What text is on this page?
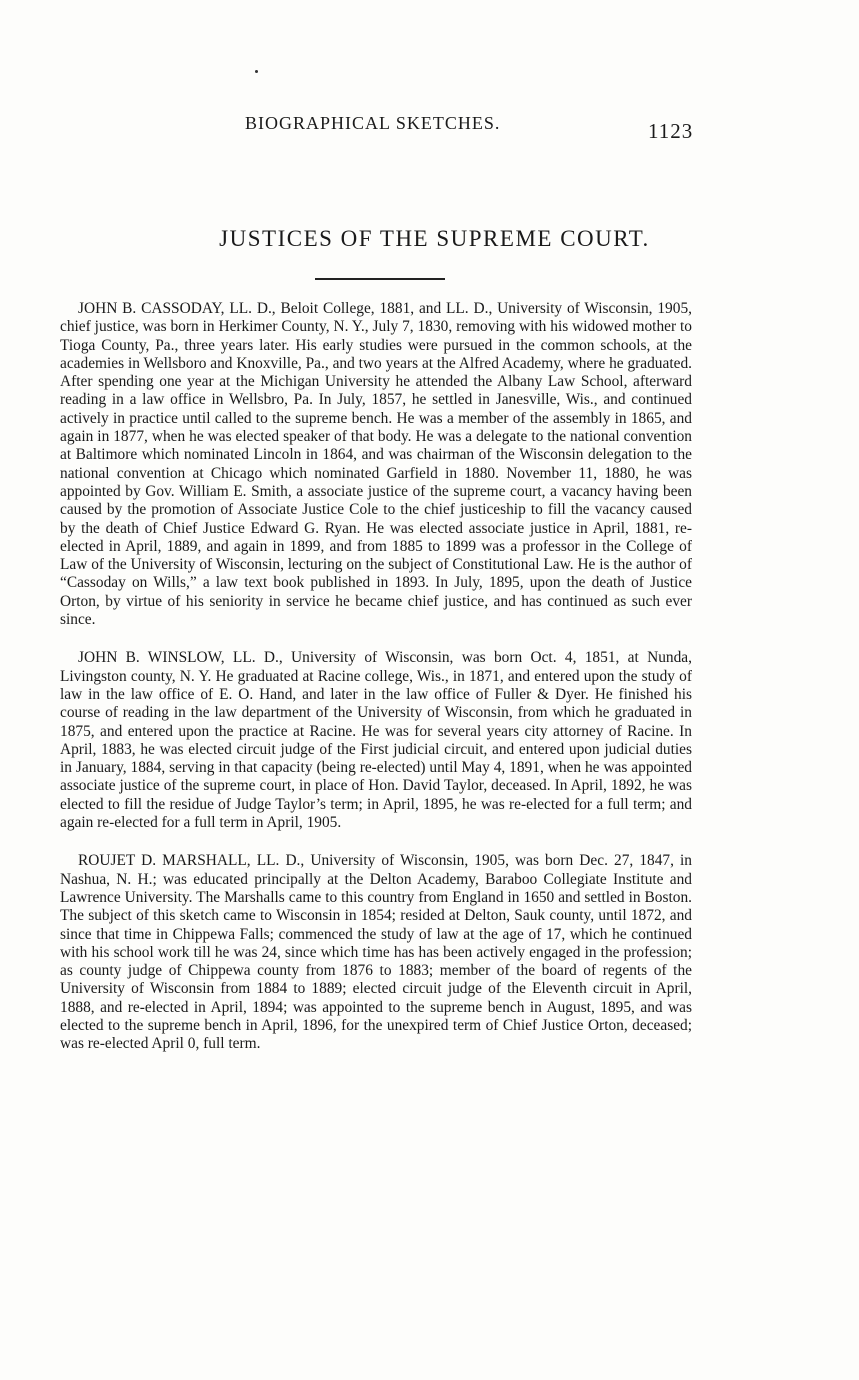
BIOGRAPHICAL SKETCHES.	1123
JUSTICES OF THE SUPREME COURT.

JOHN B. CASSODAY, LL. D., Beloit College, 1881, and LL. D., University of Wisconsin, 1905, chief justice, was born in Herkimer County, N. Y., July 7, 1830, removing with his widowed mother to Tioga County, Pa., three years later. His early studies were pursued in the common schools, at the academies in Wellsboro and Knoxville, Pa., and two years at the Alfred Academy, where he graduated. After spending one year at the Michigan University he attended the Albany Law School, afterward reading in a law office in Wellsbro, Pa. In July, 1857, he settled in Janesville, Wis., and continued actively in practice until called to the supreme bench. He was a member of the assembly in 1865, and again in 1877, when he was elected speaker of that body. He was a delegate to the national convention at Baltimore which nominated Lincoln in 1864, and was chairman of the Wisconsin delegation to the national convention at Chicago which nominated Garfield in 1880. November 11, 1880, he was appointed by Gov. William E. Smith, a associate justice of the supreme court, a vacancy having been caused by the promotion of Associate Justice Cole to the chief justiceship to fill the vacancy caused by the death of Chief Justice Edward G. Ryan. He was elected associate justice in April, 1881, re-elected in April, 1889, and again in 1899, and from 1885 to 1899 was a professor in the College of Law of the University of Wisconsin, lecturing on the subject of Constitutional Law. He is the author of “Cassoday on Wills,” a law text book published in 1893. In July, 1895, upon the death of Justice Orton, by virtue of his seniority in service he became chief justice, and has continued as such ever since.

JOHN B. WINSLOW, LL. D., University of Wisconsin, was born Oct. 4, 1851, at Nunda, Livingston county, N. Y. He graduated at Racine college, Wis., in 1871, and entered upon the study of law in the law office of E. O. Hand, and later in the law office of Fuller & Dyer. He finished his course of reading in the law department of the University of Wisconsin, from which he graduated in 1875, and entered upon the practice at Racine. He was for several years city attorney of Racine. In April, 1883, he was elected circuit judge of the First judicial circuit, and entered upon judicial duties in January, 1884, serving in that capacity (being re-elected) until May 4, 1891, when he was appointed associate justice of the supreme court, in place of Hon. David Taylor, deceased. In April, 1892, he was elected to fill the residue of Judge Taylor’s term; in April, 1895, he was re-elected for a full term; and again re-elected for a full term in April, 1905.

ROUJET D. MARSHALL, LL. D., University of Wisconsin, 1905, was born Dec. 27, 1847, in Nashua, N. H.; was educated principally at the Delton Academy, Baraboo Collegiate Institute and Lawrence University. The Marshalls came to this country from England in 1650 and settled in Boston. The subject of this sketch came to Wisconsin in 1854; resided at Delton, Sauk county, until 1872, and since that time in Chippewa Falls; commenced the study of law at the age of 17, which he continued with his school work till he was 24, since which time has has been actively engaged in the profession; as county judge of Chippewa county from 1876 to 1883; member of the board of regents of the University of Wisconsin from 1884 to 1889; elected circuit judge of the Eleventh circuit in April, 1888, and re-elected in April, 1894; was appointed to the supreme bench in August, 1895, and was elected to the supreme bench in April, 1896, for the unexpired term of Chief Justice Orton, deceased; was re-elected April 0, full term.
